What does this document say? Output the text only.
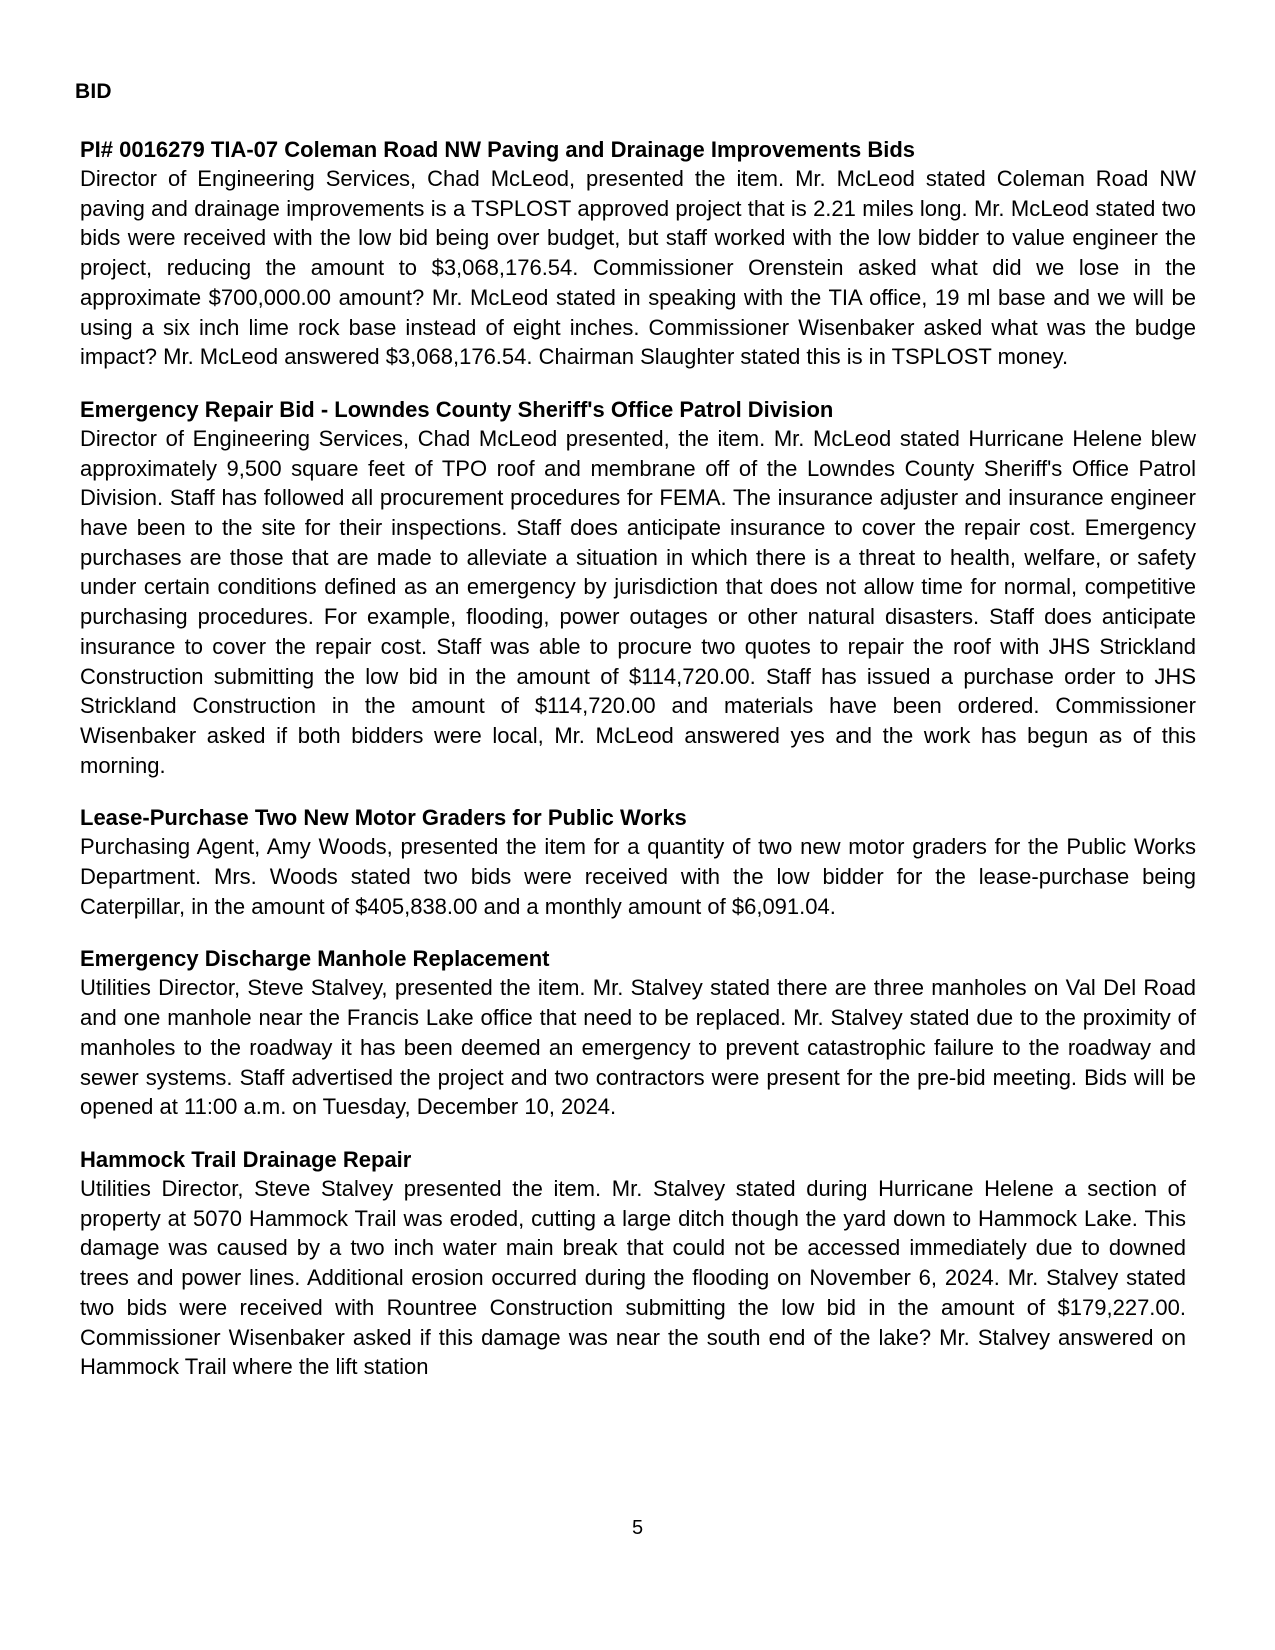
BID

PI# 0016279 TIA-07 Coleman Road NW Paving and Drainage Improvements Bids

Director of Engineering Services, Chad McLeod, presented the item. Mr. McLeod stated Coleman Road NW paving and drainage improvements is a TSPLOST approved project that is 2.21 miles long. Mr. McLeod stated two bids were received with the low bid being over budget, but staff worked with the low bidder to value engineer the project, reducing the amount to $3,068,176.54. Commissioner Orenstein asked what did we lose in the approximate $700,000.00 amount? Mr. McLeod stated in speaking with the TIA office, 19 ml base and we will be using a six inch lime rock base instead of eight inches. Commissioner Wisenbaker asked what was the budge impact? Mr. McLeod answered $3,068,176.54. Chairman Slaughter stated this is in TSPLOST money.

Emergency Repair Bid - Lowndes County Sheriff's Office Patrol Division

Director of Engineering Services, Chad McLeod presented, the item. Mr. McLeod stated Hurricane Helene blew approximately 9,500 square feet of TPO roof and membrane off of the Lowndes County Sheriff's Office Patrol Division. Staff has followed all procurement procedures for FEMA. The insurance adjuster and insurance engineer have been to the site for their inspections. Staff does anticipate insurance to cover the repair cost. Emergency purchases are those that are made to alleviate a situation in which there is a threat to health, welfare, or safety under certain conditions defined as an emergency by jurisdiction that does not allow time for normal, competitive purchasing procedures. For example, flooding, power outages or other natural disasters. Staff does anticipate insurance to cover the repair cost. Staff was able to procure two quotes to repair the roof with JHS Strickland Construction submitting the low bid in the amount of $114,720.00. Staff has issued a purchase order to JHS Strickland Construction in the amount of $114,720.00 and materials have been ordered. Commissioner Wisenbaker asked if both bidders were local, Mr. McLeod answered yes and the work has begun as of this morning.

Lease-Purchase Two New Motor Graders for Public Works

Purchasing Agent, Amy Woods, presented the item for a quantity of two new motor graders for the Public Works Department. Mrs. Woods stated two bids were received with the low bidder for the lease-purchase being Caterpillar, in the amount of $405,838.00 and a monthly amount of $6,091.04.

Emergency Discharge Manhole Replacement

Utilities Director, Steve Stalvey, presented the item. Mr. Stalvey stated there are three manholes on Val Del Road and one manhole near the Francis Lake office that need to be replaced. Mr. Stalvey stated due to the proximity of manholes to the roadway it has been deemed an emergency to prevent catastrophic failure to the roadway and sewer systems. Staff advertised the project and two contractors were present for the pre-bid meeting. Bids will be opened at 11:00 a.m. on Tuesday, December 10, 2024.

Hammock Trail Drainage Repair

Utilities Director, Steve Stalvey presented the item. Mr. Stalvey stated during Hurricane Helene a section of property at 5070 Hammock Trail was eroded, cutting a large ditch though the yard down to Hammock Lake. This damage was caused by a two inch water main break that could not be accessed immediately due to downed trees and power lines. Additional erosion occurred during the flooding on November 6, 2024. Mr. Stalvey stated two bids were received with Rountree Construction submitting the low bid in the amount of $179,227.00. Commissioner Wisenbaker asked if this damage was near the south end of the lake? Mr. Stalvey answered on Hammock Trail where the lift station

5
